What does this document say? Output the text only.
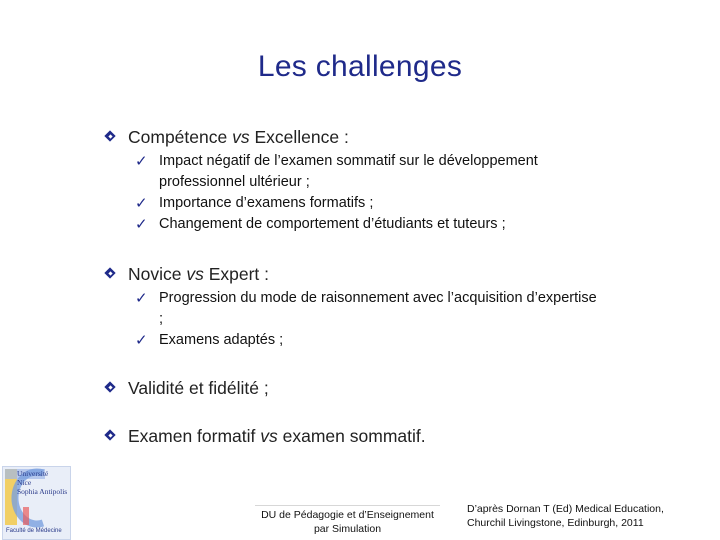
Les challenges
Compétence vs Excellence :
✓ Impact négatif de l’examen sommatif sur le développement professionnel ultérieur ;
✓ Importance d’examens formatifs ;
✓ Changement de comportement d’étudiants et tuteurs ;
Novice vs Expert :
✓ Progression du mode de raisonnement avec l’acquisition d’expertise ;
✓ Examens adaptés ;
Validité et fidélité ;
Examen formatif vs examen sommatif.
Université
Nice
Sophia Antipolis
Faculté de Médecine
DU de Pédagogie et d’Enseignement
par Simulation
D’après Dornan T (Ed) Medical Education,
Churchil Livingstone, Edinburgh, 2011
